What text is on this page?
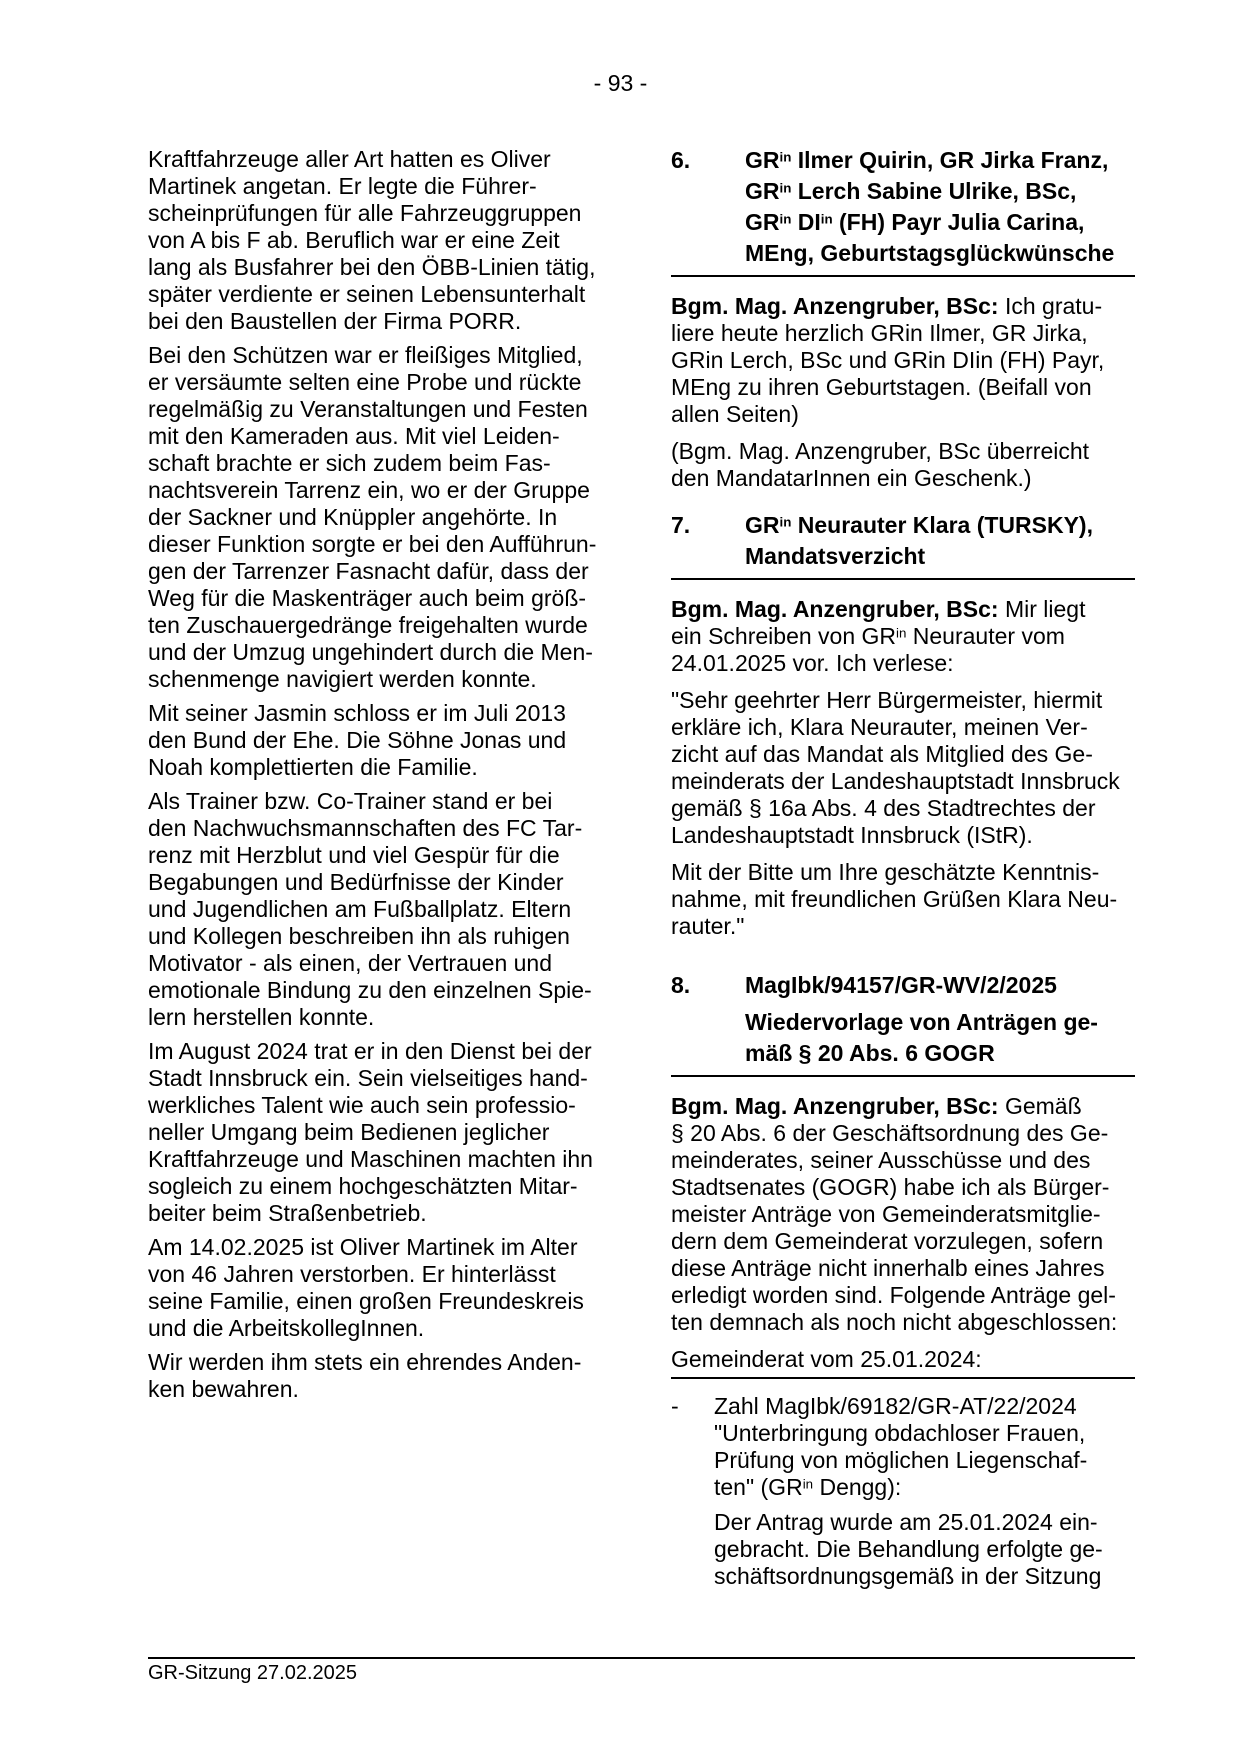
- 93 -

Kraftfahrzeuge aller Art hatten es Oliver
Martinek angetan. Er legte die Führer-
scheinprüfungen für alle Fahrzeuggruppen
von A bis F ab. Beruflich war er eine Zeit
lang als Busfahrer bei den ÖBB-Linien tätig,
später verdiente er seinen Lebensunterhalt
bei den Baustellen der Firma PORR.

Bei den Schützen war er fleißiges Mitglied,
er versäumte selten eine Probe und rückte
regelmäßig zu Veranstaltungen und Festen
mit den Kameraden aus. Mit viel Leiden-
schaft brachte er sich zudem beim Fas-
nachtsverein Tarrenz ein, wo er der Gruppe
der Sackner und Knüppler angehörte. In
dieser Funktion sorgte er bei den Aufführun-
gen der Tarrenzer Fasnacht dafür, dass der
Weg für die Maskenträger auch beim größ-
ten Zuschauergedränge freigehalten wurde
und der Umzug ungehindert durch die Men-
schenmenge navigiert werden konnte.

Mit seiner Jasmin schloss er im Juli 2013
den Bund der Ehe. Die Söhne Jonas und
Noah komplettierten die Familie.

Als Trainer bzw. Co-Trainer stand er bei
den Nachwuchsmannschaften des FC Tar-
renz mit Herzblut und viel Gespür für die
Begabungen und Bedürfnisse der Kinder
und Jugendlichen am Fußballplatz. Eltern
und Kollegen beschreiben ihn als ruhigen
Motivator - als einen, der Vertrauen und
emotionale Bindung zu den einzelnen Spie-
lern herstellen konnte.

Im August 2024 trat er in den Dienst bei der
Stadt Innsbruck ein. Sein vielseitiges hand-
werkliches Talent wie auch sein professio-
neller Umgang beim Bedienen jeglicher
Kraftfahrzeuge und Maschinen machten ihn
sogleich zu einem hochgeschätzten Mitar-
beiter beim Straßenbetrieb.

Am 14.02.2025 ist Oliver Martinek im Alter
von 46 Jahren verstorben. Er hinterlässt
seine Familie, einen großen Freundeskreis
und die ArbeitskollegInnen.

Wir werden ihm stets ein ehrendes Anden-
ken bewahren.

6.	$GR^{in}$ Ilmer Quirin, GR Jirka Franz,
$GR^{in}$ Lerch Sabine Ulrike, BSc,
$GR^{in}$ $DI^{in}$ (FH) Payr Julia Carina,
MEng, Geburtstagsglückwünsche

Bgm. Mag. Anzengruber, BSc: Ich gratu-
liere heute herzlich GRin Ilmer, GR Jirka,
GRin Lerch, BSc und GRin DIin (FH) Payr,
MEng zu ihren Geburtstagen. (Beifall von
allen Seiten)

(Bgm. Mag. Anzengruber, BSc überreicht
den MandatarInnen ein Geschenk.)

7.	$GR^{in}$ Neurauter Klara (TURSKY),
Mandatsverzicht

Bgm. Mag. Anzengruber, BSc: Mir liegt
ein Schreiben von $GR^{in}$ Neurauter vom
24.01.2025 vor. Ich verlese:

"Sehr geehrter Herr Bürgermeister, hiermit
erkläre ich, Klara Neurauter, meinen Ver-
zicht auf das Mandat als Mitglied des Ge-
meinderats der Landeshauptstadt Innsbruck
gemäß § 16a Abs. 4 des Stadtrechtes der
Landeshauptstadt Innsbruck (IStR).

Mit der Bitte um Ihre geschätzte Kenntnis-
nahme, mit freundlichen Grüßen Klara Neu-
rauter."

8.	MagIbk/94157/GR-WV/2/2025
Wiedervorlage von Anträgen ge-
mäß § 20 Abs. 6 GOGR

Bgm. Mag. Anzengruber, BSc: Gemäß
§ 20 Abs. 6 der Geschäftsordnung des Ge-
meinderates, seiner Ausschüsse und des
Stadtsenates (GOGR) habe ich als Bürger-
meister Anträge von Gemeinderatsmitglie-
dern dem Gemeinderat vorzulegen, sofern
diese Anträge nicht innerhalb eines Jahres
erledigt worden sind. Folgende Anträge gel-
ten demnach als noch nicht abgeschlossen:

Gemeinderat vom 25.01.2024:
-	Zahl MagIbk/69182/GR-AT/22/2024
"Unterbringung obdachloser Frauen,
Prüfung von möglichen Liegenschaf-
ten" ($GR^{in}$ Dengg):

Der Antrag wurde am 25.01.2024 ein-
gebracht. Die Behandlung erfolgte ge-
schäftsordnungsgemäß in der Sitzung

GR-Sitzung 27.02.2025
